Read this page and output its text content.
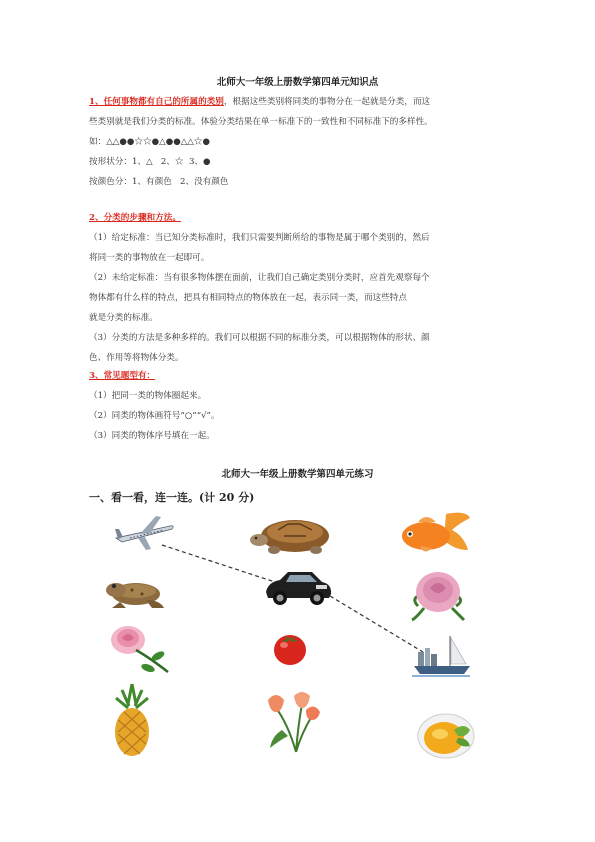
北师大一年级上册数学第四单元知识点
1、任何事物都有自己的所属的类别，根据这些类别将同类的事物分在一起就是分类，而这
些类别就是我们分类的标准。体验分类结果在单一标准下的一致性和不同标准下的多样性。
如：△△●●☆☆●△●●△△☆●
按形状分：1、△   2、☆  3、●
按颜色分：1、有颜色   2、没有颜色
2、分类的步骤和方法。
（1）给定标准：当已知分类标准时，我们只需要判断所给的事物是属于哪个类别的，然后
将同一类的事物放在一起即可。
（2）未给定标准：当有很多物体摆在面前，让我们自己确定类别分类时，应首先观察每个
物体都有什么样的特点，把具有相同特点的物体放在一起，表示同一类，而这些特点
就是分类的标准。
（3）分类的方法是多种多样的。我们可以根据不同的标准分类，可以根据物体的形状、颜
色、作用等将物体分类。
3、常见题型有：
（1）把同一类的物体圈起来。
（2）同类的物体画符号“○”“√”。
（3）同类的物体序号填在一起。
北师大一年级上册数学第四单元练习
一、看一看，连一连。(计 20 分)
